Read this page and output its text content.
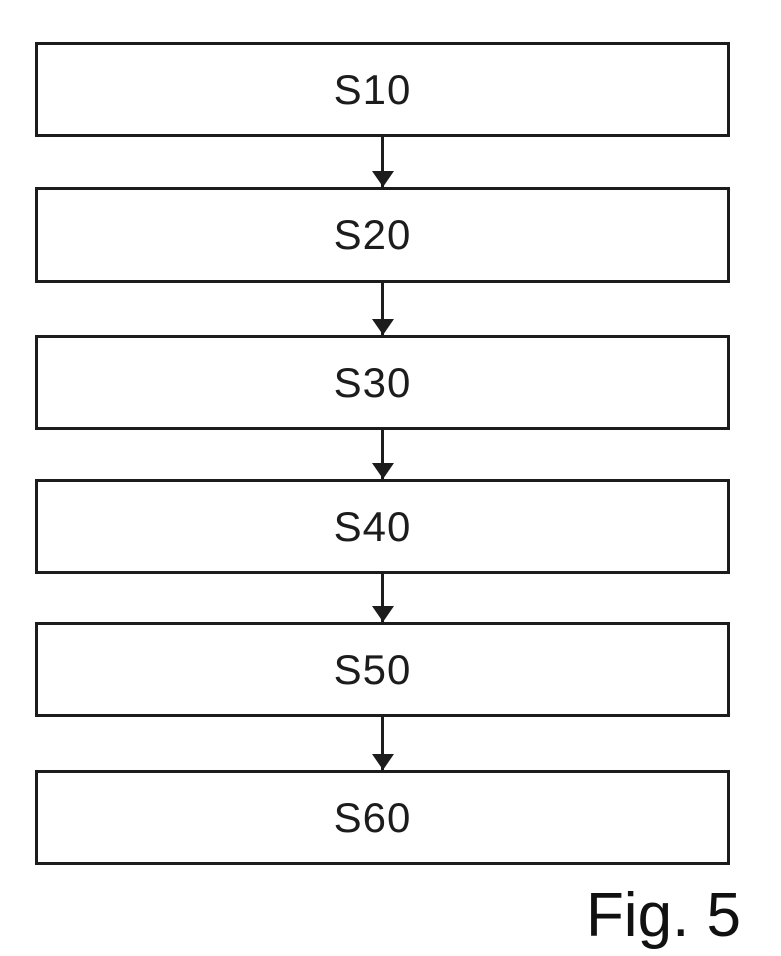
S10
S20
S30
S40
S50
S60
Fig. 5
